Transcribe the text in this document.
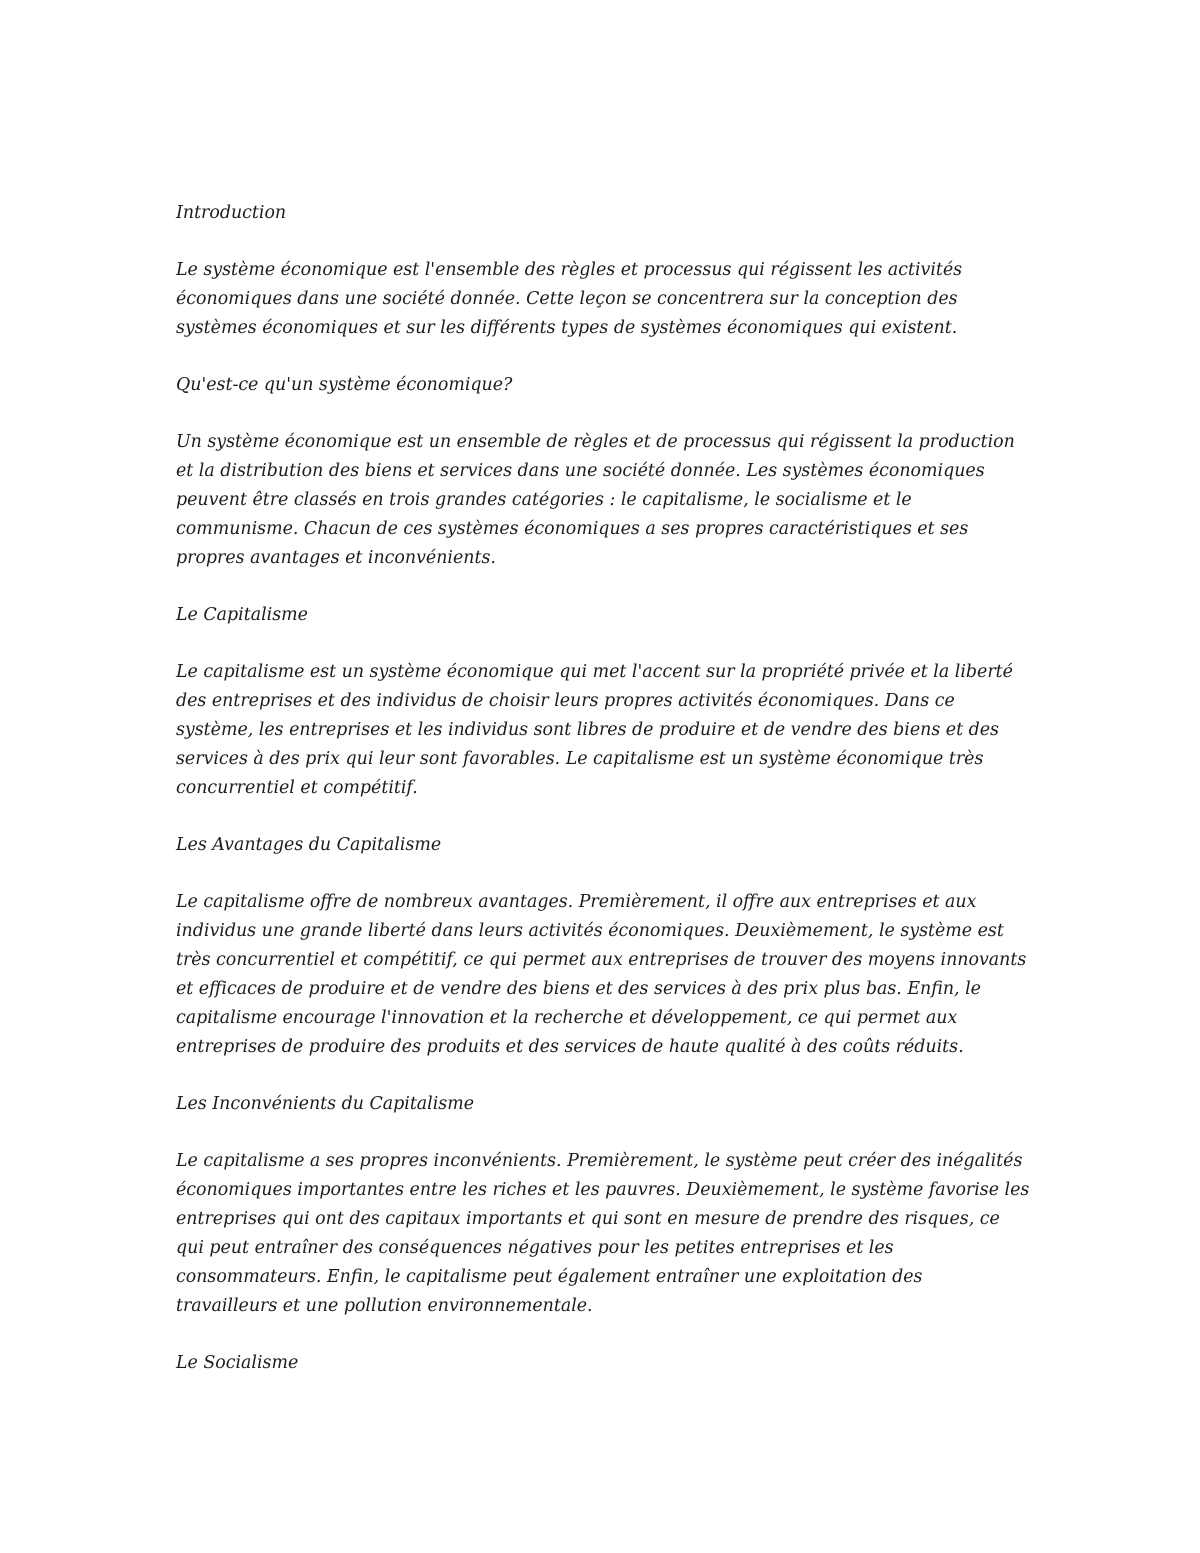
Introduction

Le système économique est l'ensemble des règles et processus qui régissent les activités
économiques dans une société donnée. Cette leçon se concentrera sur la conception des
systèmes économiques et sur les différents types de systèmes économiques qui existent.

Qu'est-ce qu'un système économique?

Un système économique est un ensemble de règles et de processus qui régissent la production
et la distribution des biens et services dans une société donnée. Les systèmes économiques
peuvent être classés en trois grandes catégories : le capitalisme, le socialisme et le
communisme. Chacun de ces systèmes économiques a ses propres caractéristiques et ses
propres avantages et inconvénients.

Le Capitalisme

Le capitalisme est un système économique qui met l'accent sur la propriété privée et la liberté
des entreprises et des individus de choisir leurs propres activités économiques. Dans ce
système, les entreprises et les individus sont libres de produire et de vendre des biens et des
services à des prix qui leur sont favorables. Le capitalisme est un système économique très
concurrentiel et compétitif.

Les Avantages du Capitalisme

Le capitalisme offre de nombreux avantages. Premièrement, il offre aux entreprises et aux
individus une grande liberté dans leurs activités économiques. Deuxièmement, le système est
très concurrentiel et compétitif, ce qui permet aux entreprises de trouver des moyens innovants
et efficaces de produire et de vendre des biens et des services à des prix plus bas. Enfin, le
capitalisme encourage l'innovation et la recherche et développement, ce qui permet aux
entreprises de produire des produits et des services de haute qualité à des coûts réduits.

Les Inconvénients du Capitalisme

Le capitalisme a ses propres inconvénients. Premièrement, le système peut créer des inégalités
économiques importantes entre les riches et les pauvres. Deuxièmement, le système favorise les
entreprises qui ont des capitaux importants et qui sont en mesure de prendre des risques, ce
qui peut entraîner des conséquences négatives pour les petites entreprises et les
consommateurs. Enfin, le capitalisme peut également entraîner une exploitation des
travailleurs et une pollution environnementale.

Le Socialisme
